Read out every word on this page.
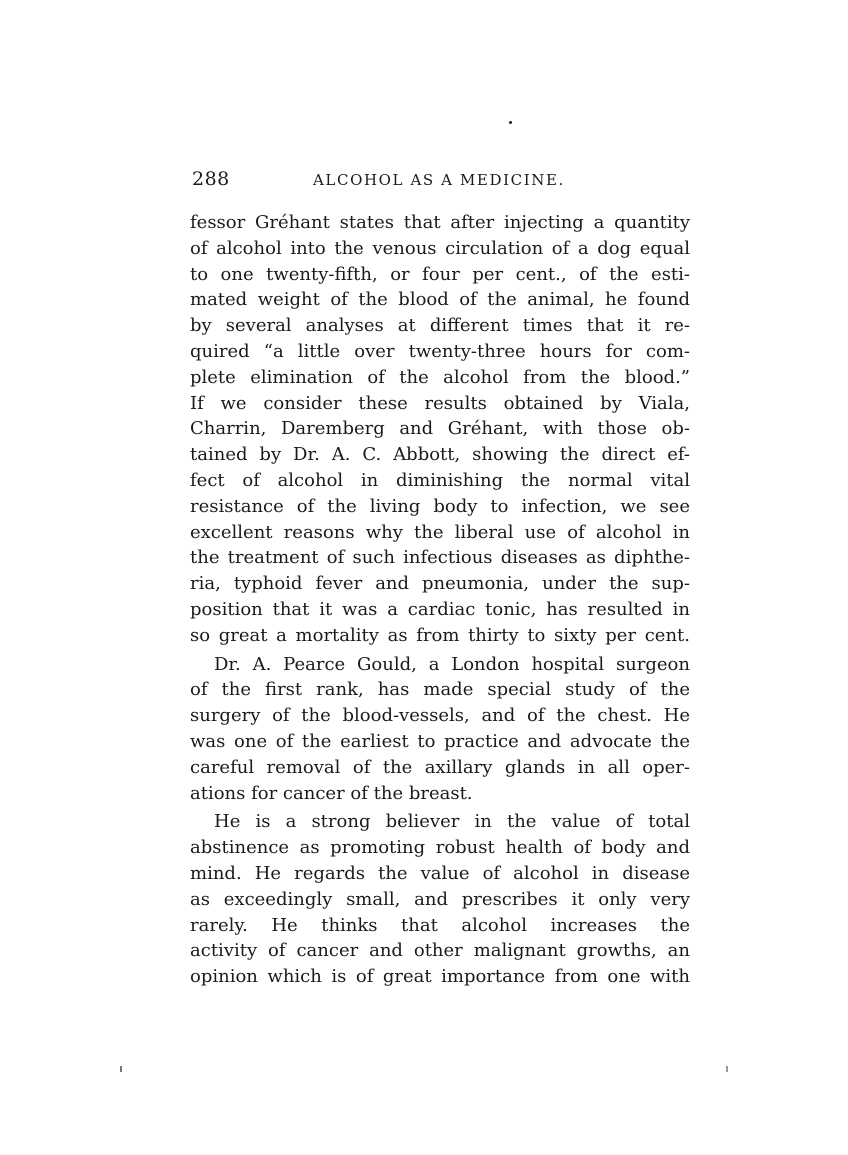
288	ALCOHOL AS A MEDICINE.
fessor Gréhant states that after injecting a quantity
of alcohol into the venous circulation of a dog equal
to one twenty-fifth, or four per cent., of the esti-
mated weight of the blood of the animal, he found
by several analyses at different times that it re-
quired “a little over twenty-three hours for com-
plete elimination of the alcohol from the blood.”
If we consider these results obtained by Viala,
Charrin, Daremberg and Gréhant, with those ob-
tained by Dr. A. C. Abbott, showing the direct ef-
fect of alcohol in diminishing the normal vital
resistance of the living body to infection, we see
excellent reasons why the liberal use of alcohol in
the treatment of such infectious diseases as diphthe-
ria, typhoid fever and pneumonia, under the sup-
position that it was a cardiac tonic, has resulted in
so great a mortality as from thirty to sixty per cent.
Dr. A. Pearce Gould, a London hospital surgeon
of the first rank, has made special study of the
surgery of the blood-vessels, and of the chest. He
was one of the earliest to practice and advocate the
careful removal of the axillary glands in all oper-
ations for cancer of the breast.
He is a strong believer in the value of total
abstinence as promoting robust health of body and
mind. He regards the value of alcohol in disease
as exceedingly small, and prescribes it only very
rarely. He thinks that alcohol increases the
activity of cancer and other malignant growths, an
opinion which is of great importance from one with
